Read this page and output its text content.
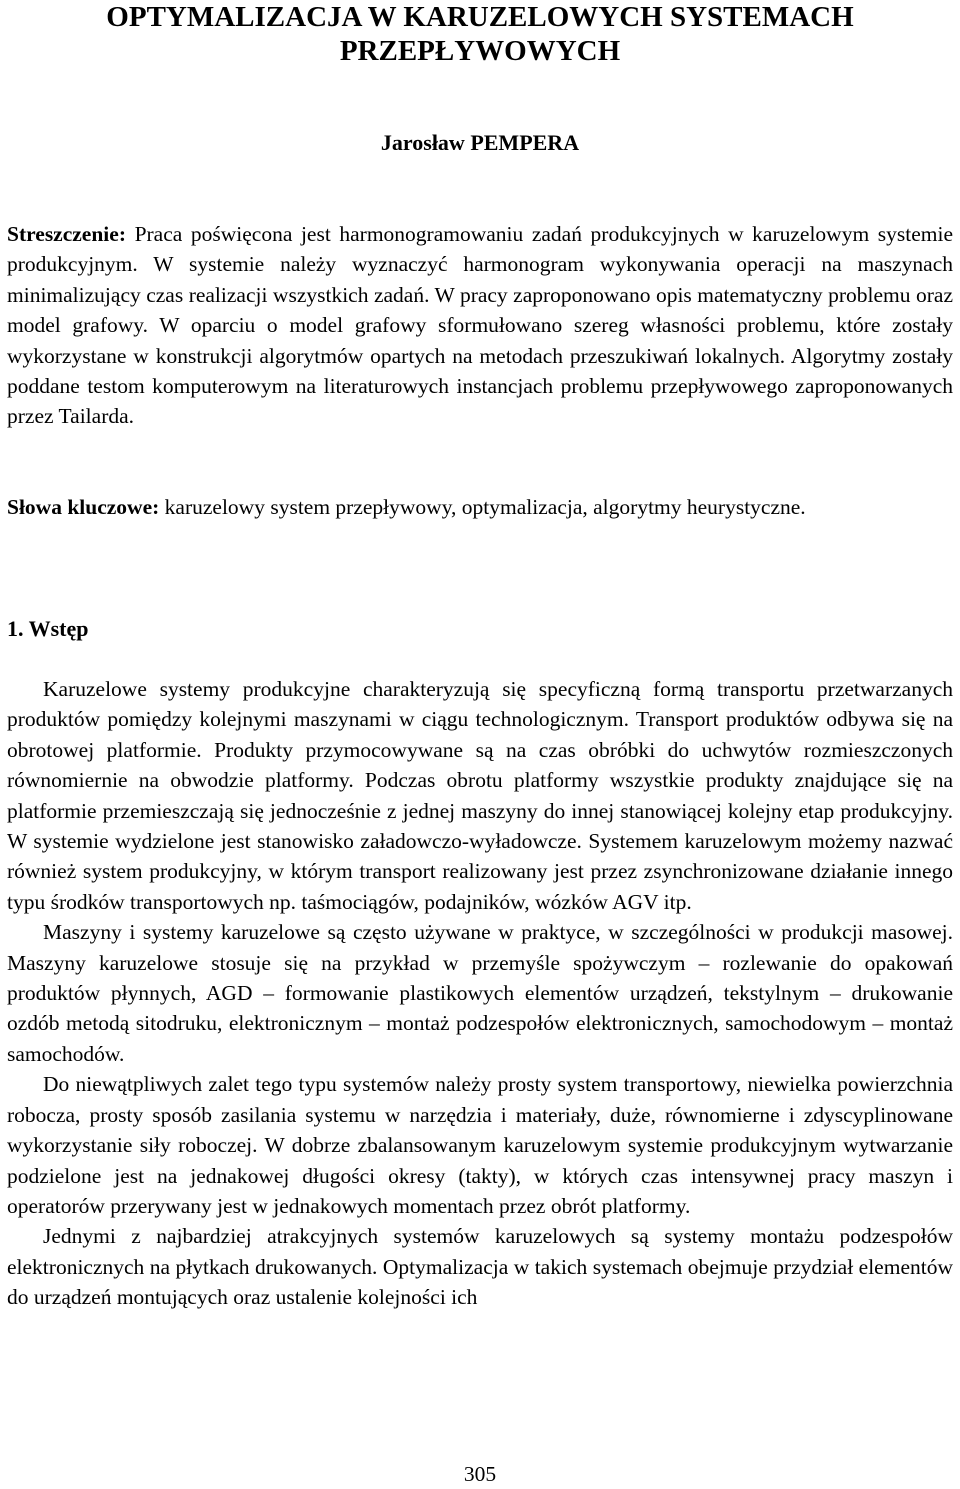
OPTYMALIZACJA W KARUZELOWYCH SYSTEMACH
PRZEPŁYWOWYCH
Jarosław PEMPERA
Streszczenie: Praca poświęcona jest harmonogramowaniu zadań produkcyjnych w karuzelowym systemie produkcyjnym. W systemie należy wyznaczyć harmonogram wykonywania operacji na maszynach minimalizujący czas realizacji wszystkich zadań. W pracy zaproponowano opis matematyczny problemu oraz model grafowy. W oparciu o model grafowy sformułowano szereg własności problemu, które zostały wykorzystane w konstrukcji algorytmów opartych na metodach przeszukiwań lokalnych. Algorytmy zostały poddane testom komputerowym na literaturowych instancjach problemu przepływowego zaproponowanych przez Tailarda.
Słowa kluczowe: karuzelowy system przepływowy, optymalizacja, algorytmy heurystyczne.
1. Wstęp

Karuzelowe systemy produkcyjne charakteryzują się specyficzną formą transportu przetwarzanych produktów pomiędzy kolejnymi maszynami w ciągu technologicznym. Transport produktów odbywa się na obrotowej platformie. Produkty przymocowywane są na czas obróbki do uchwytów rozmieszczonych równomiernie na obwodzie platformy. Podczas obrotu platformy wszystkie produkty znajdujące się na platformie przemieszczają się jednocześnie z jednej maszyny do innej stanowiącej kolejny etap produkcyjny. W systemie wydzielone jest stanowisko załadowczo-wyładowcze. Systemem karuzelowym możemy nazwać również system produkcyjny, w którym transport realizowany jest przez zsynchronizowane działanie innego typu środków transportowych np. taśmociągów, podajników, wózków AGV itp.

Maszyny i systemy karuzelowe są często używane w praktyce, w szczególności w produkcji masowej. Maszyny karuzelowe stosuje się na przykład w przemyśle spożywczym – rozlewanie do opakowań produktów płynnych, AGD – formowanie plastikowych elementów urządzeń, tekstylnym – drukowanie ozdób metodą sitodruku, elektronicznym – montaż podzespołów elektronicznych, samochodowym – montaż samochodów.

Do niewątpliwych zalet tego typu systemów należy prosty system transportowy, niewielka powierzchnia robocza, prosty sposób zasilania systemu w narzędzia i materiały, duże, równomierne i zdyscyplinowane wykorzystanie siły roboczej. W dobrze zbalansowanym karuzelowym systemie produkcyjnym wytwarzanie podzielone jest na jednakowej długości okresy (takty), w których czas intensywnej pracy maszyn i operatorów przerywany jest w jednakowych momentach przez obrót platformy.

Jednymi z najbardziej atrakcyjnych systemów karuzelowych są systemy montażu podzespołów elektronicznych na płytkach drukowanych. Optymalizacja w takich systemach obejmuje przydział elementów do urządzeń montujących oraz ustalenie kolejności ich

305
